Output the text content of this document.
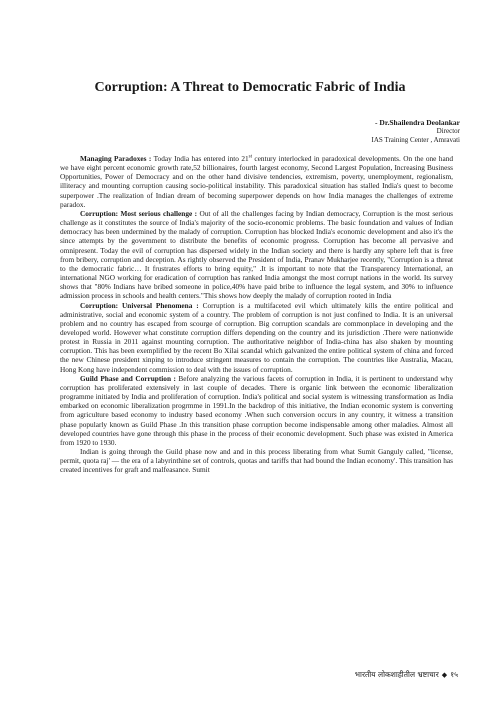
Corruption: A Threat to Democratic Fabric of India
- Dr.Shailendra Deolankar
Director
IAS Training Center , Amravati

Managing Paradoxes : Today India has entered into 21st century interlocked in paradoxical developments. On the one hand we have eight percent economic growth rate,52 billionaires, fourth largest economy, Second Largest Population, Increasing Business Opportunities, Power of Democracy and on the other hand divisive tendencies, extremism, poverty, unemployment, regionalism, illiteracy and mounting corruption causing socio-political instability. This paradoxical situation has stalled India's quest to become superpower .The realization of Indian dream of becoming superpower depends on how India manages the challenges of extreme paradox.

Corruption: Most serious challenge : Out of all the challenges facing by Indian democracy, Corruption is the most serious challenge as it constitutes the source of India's majority of the socio-economic problems. The basic foundation and values of Indian democracy has been undermined by the malady of corruption. Corruption has blocked India's economic development and also it's the since attempts by the government to distribute the benefits of economic progress. Corruption has become all pervasive and omnipresent. Today the evil of corruption has dispersed widely in the Indian society and there is hardly any sphere left that is free from bribery, corruption and deception. As rightly observed the President of India, Pranav Mukharjee recently, "Corruption is a threat to the democratic fabric… It frustrates efforts to bring equity," .It is important to note that the Transparency International, an international NGO working for eradication of corruption has ranked India amongst the most corrupt nations in the world. Its survey shows that "80% Indians have bribed someone in police,40% have paid bribe to influence the legal system, and 30% to influence admission process in schools and health centers."This shows how deeply the malady of corruption rooted in India

Corruption: Universal Phenomena : Corruption is a multifaceted evil which ultimately kills the entire political and administrative, social and economic system of a country. The problem of corruption is not just confined to India. It is an universal problem and no country has escaped from scourge of corruption. Big corruption scandals are commonplace in developing and the developed world. However what constitute corruption differs depending on the country and its jurisdiction .There were nationwide protest in Russia in 2011 against mounting corruption. The authoritative neighbor of India-china has also shaken by mounting corruption. This has been exemplified by the recent Bo Xilai scandal which galvanized the entire political system of china and forced the new Chinese president xinping to introduce stringent measures to contain the corruption. The countries like Australia, Macau, Hong Kong have independent commission to deal with the issues of corruption.

Guild Phase and Corruption : Before analyzing the various facets of corruption in India, it is pertinent to understand why corruption has proliferated extensively in last couple of decades. There is organic link between the economic liberalization programme initiated by India and proliferation of corruption. India's political and social system is witnessing transformation as India embarked on economic liberalization progrmme in 1991.In the backdrop of this initiative, the Indian economic system is converting from agriculture based economy to industry based economy .When such conversion occurs in any country, it witness a transition phase popularly known as Guild Phase .In this transition phase corruption become indispensable among other maladies. Almost all developed countries have gone through this phase in the process of their economic development. Such phase was existed in America from 1920 to 1930.

Indian is going through the Guild phase now and and in this process liberating from what Sumit Ganguly called, "license, permit, quota raj' — the era of a labyrinthine set of controls, quotas and tariffs that had bound the Indian economy'. This transition has created incentives for graft and malfeasance. Sumit

भारतीय लोकशाहीतील भ्रष्टाचार ◆ १५
